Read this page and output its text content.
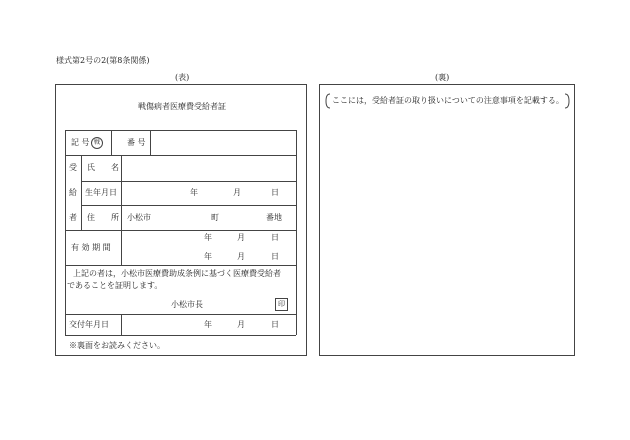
様式第2号の2(第8条関係)
(表)	(裏)
戦傷病者医療費受給者証
記 号 戦	番 号
受
給
者
氏　　名
生年月日	年	月	日
住　　所 小松市	町	番地
有 効 期 間
年	月	日
年	月	日
上記の者は，小松市医療費助成条例に基づく医療費受給者
であることを証明します。
小松市長	印
交付年月日	年	月	日
※裏面をお読みください。
ここには，受給者証の取り扱いについての注意事項を記載する。
